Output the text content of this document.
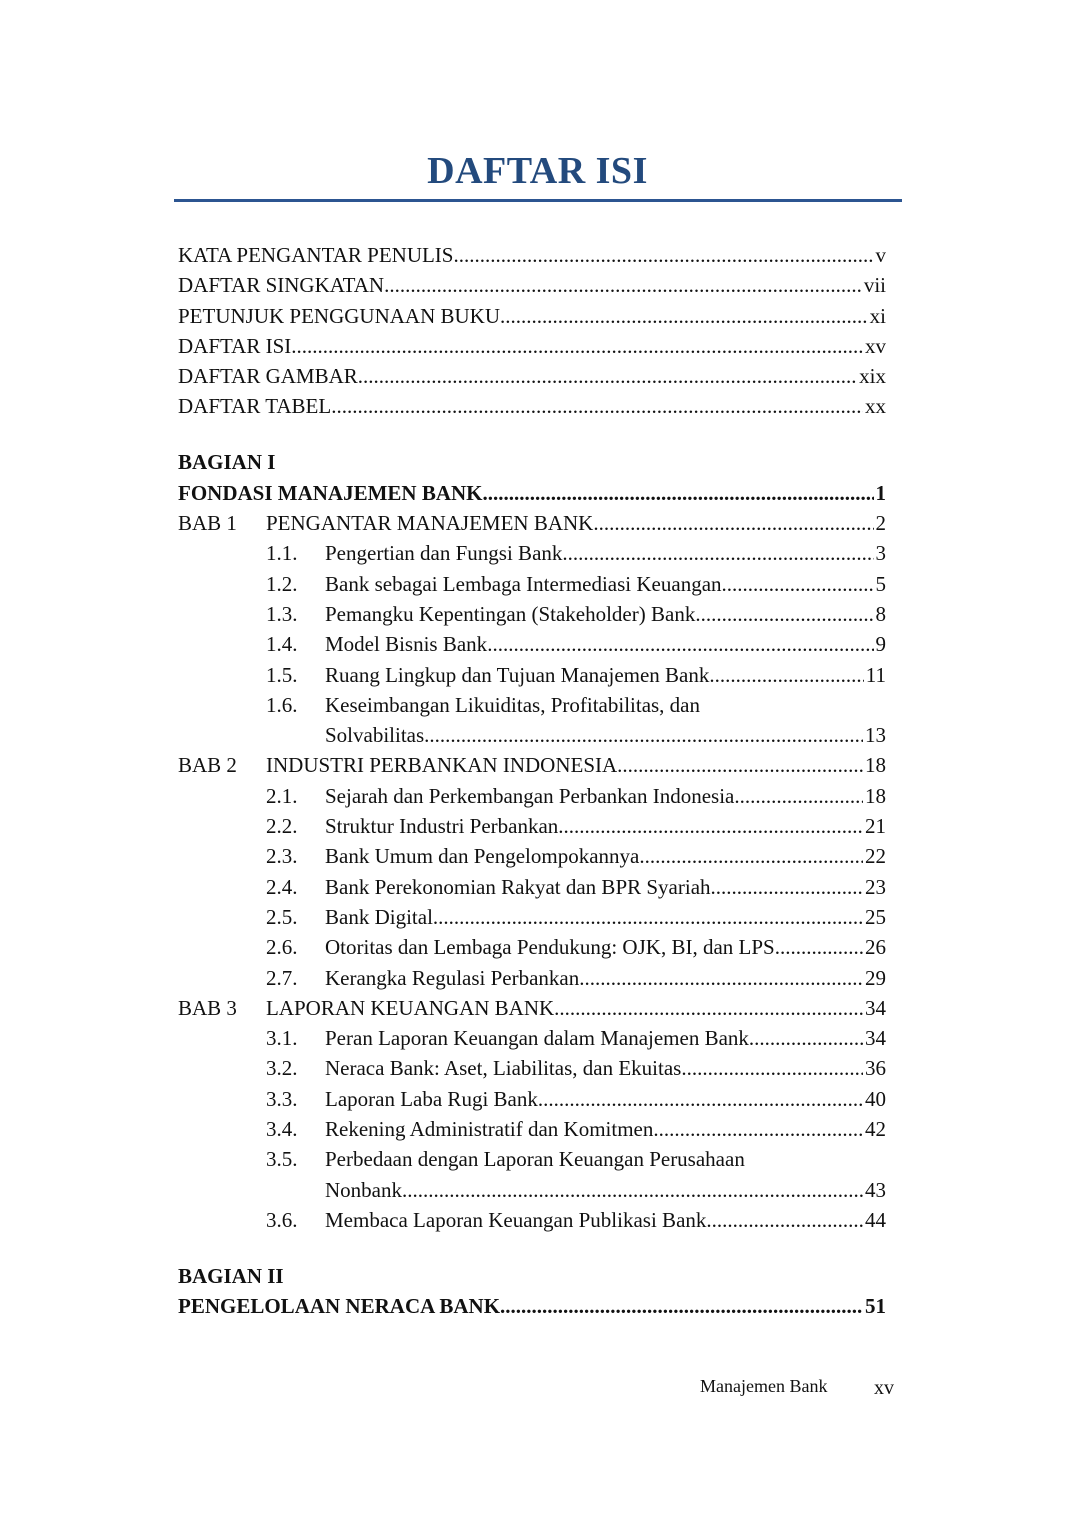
DAFTAR ISI
KATA PENGANTAR PENULIS .....	v
DAFTAR SINGKATAN .....	vii
PETUNJUK PENGGUNAAN BUKU .....	xi
DAFTAR ISI .....	xv
DAFTAR GAMBAR .....	xix
DAFTAR TABEL .....	xx
BAGIAN I
FONDASI MANAJEMEN BANK .....	1
BAB 1	PENGANTAR MANAJEMEN BANK .....	2
1.1.	Pengertian dan Fungsi Bank .....	3
1.2.	Bank sebagai Lembaga Intermediasi Keuangan .....	5
1.3.	Pemangku Kepentingan (Stakeholder) Bank .....	8
1.4.	Model Bisnis Bank .....	9
1.5.	Ruang Lingkup dan Tujuan Manajemen Bank .....	11
1.6.	Keseimbangan Likuiditas, Profitabilitas, dan
Solvabilitas .....	13
BAB 2	INDUSTRI PERBANKAN INDONESIA .....	18
2.1.	Sejarah dan Perkembangan Perbankan Indonesia .....	18
2.2.	Struktur Industri Perbankan .....	21
2.3.	Bank Umum dan Pengelompokannya .....	22
2.4.	Bank Perekonomian Rakyat dan BPR Syariah .....	23
2.5.	Bank Digital .....	25
2.6.	Otoritas dan Lembaga Pendukung: OJK, BI, dan LPS .....	26
2.7.	Kerangka Regulasi Perbankan .....	29
BAB 3	LAPORAN KEUANGAN BANK .....	34
3.1.	Peran Laporan Keuangan dalam Manajemen Bank .....	34
3.2.	Neraca Bank: Aset, Liabilitas, dan Ekuitas .....	36
3.3.	Laporan Laba Rugi Bank .....	40
3.4.	Rekening Administratif dan Komitmen .....	42
3.5.	Perbedaan dengan Laporan Keuangan Perusahaan
Nonbank .....	43
3.6.	Membaca Laporan Keuangan Publikasi Bank .....	44
BAGIAN II
PENGELOLAAN NERACA BANK .....	51
Manajemen Bank xv
